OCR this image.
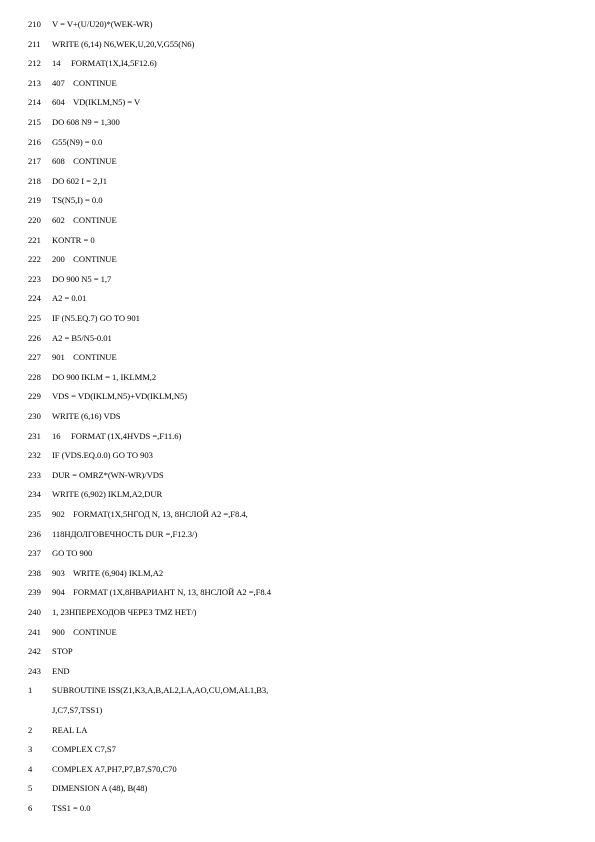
210 V = V+(U/U20)*(WEK-WR)
211 WRITE (6,14) N6,WEK,U,20,V,G55(N6)
212 14     FORMAT(1X,I4,5F12.6)
213 407    CONTINUE
214 604    VD(IKLM,N5) = V
215 DO 608 N9 = 1,300
216 G55(N9) = 0.0
217 608    CONTINUE
218 DO 602 I = 2,J1
219 TS(N5,I) = 0.0
220 602    CONTINUE
221 KONTR = 0
222 200    CONTINUE
223 DO 900 N5 = 1,7
224 A2 = 0.01
225 IF (N5.EQ.7) GO TO 901
226 A2 = B5/N5-0.01
227 901    CONTINUE
228 DO 900 IKLM = 1, IKLMM,2
229 VDS = VD(IKLM,N5)+VD(IKLM,N5)
230 WRITE (6,16) VDS
231 16     FORMAT (1X,4HVDS =,F11.6)
232 IF (VDS.EQ.0.0) GO TO 903
233 DUR = OMRZ*(WN-WR)/VDS
234 WRITE (6,902) IKLM,A2,DUR
235 902    FORMAT(1X,5HГОД N, 13, 8HСЛОЙ A2 =,F8.4,
236 118HДОЛГОВЕЧНОСТЬ DUR =,F12.3/)
237 GO TO 900
238 903    WRITE (6,904) IKLM,A2
239 904    FORMAT (1X,8HВАРИАНТ N, 13, 8HСЛОЙ A2 =,F8.4
240 1, 23HПЕРЕХОДОВ ЧЕРЕЗ TMZ НЕТ/)
241 900    CONTINUE
242 STOP
243 END
1 SUBROUTINE ISS(Z1,K3,A,B,AL2,LA,AO,CU,OM,AL1,B3,
J,C7,S7,TSS1)
2 REAL LA
3 COMPLEX C7,S7
4 COMPLEX A7,PH7,P7,B7,S70,C70
5 DIMENSION A (48), B(48)
6 TSS1 = 0.0
